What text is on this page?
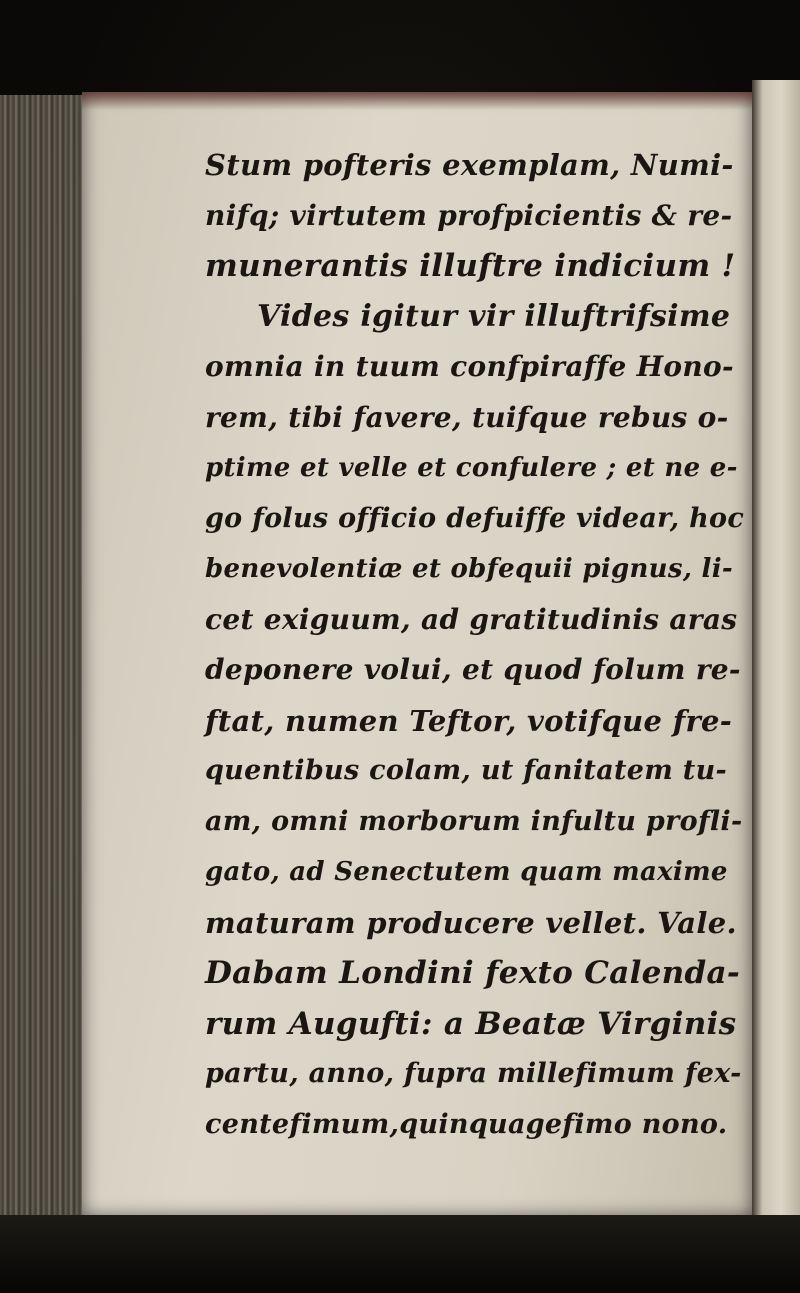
Stum pofteris exemplam, Numi-
nifq; virtutem profpicientis & re-
munerantis illuftre indicium !
Vides igitur vir illuftrifsime
omnia in tuum confpiraffe Hono-
rem, tibi favere, tuifque rebus o-
ptime et velle et confulere ; et ne e-
go folus officio defuiffe videar, hoc
benevolentiæ et obfequii pignus, li-
cet exiguum, ad gratitudinis aras
deponere volui, et quod folum re-
ftat, numen Teftor, votifque fre-
quentibus colam, ut fanitatem tu-
am, omni morborum infultu profli-
gato, ad Senectutem quam maxime
maturam producere vellet. Vale.
Dabam Londini fexto Calenda-
rum Augufti: a Beatæ Virginis
partu, anno, fupra millefimum fex-
centefimum,quinquagefimo nono.
